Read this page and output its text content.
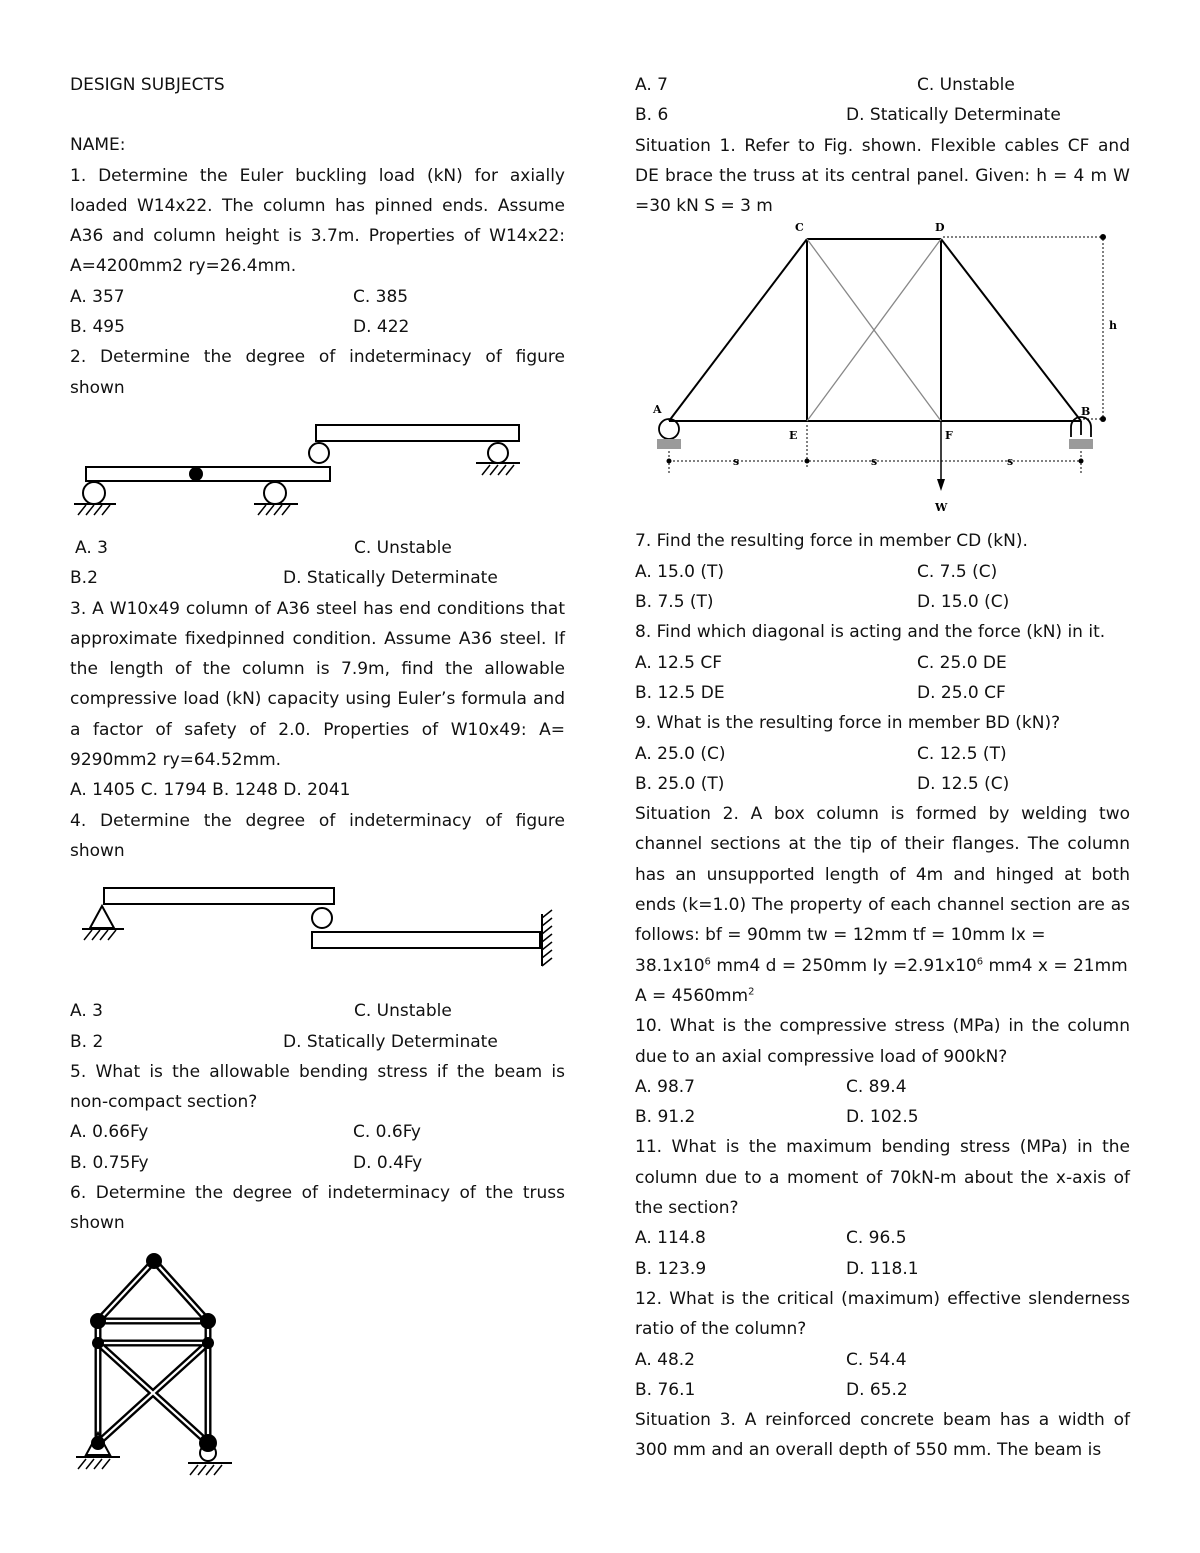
DESIGN SUBJECTS

NAME:

1. Determine the Euler buckling load (kN) for axially loaded W14x22. The column has pinned ends. Assume A36 and column height is 3.7m. Properties of W14x22: A=4200mm2 ry=26.4mm.

A. 357	C. 385
B. 495	D. 422

2. Determine the degree of indeterminacy of figure shown

A. 3	C. Unstable
B.2	D. Statically Determinate

3. A W10x49 column of A36 steel has end conditions that approximate fixedpinned condition. Assume A36 steel. If the length of the column is 7.9m, find the allowable compressive load (kN) capacity using Euler’s formula and a factor of safety of 2.0. Properties of W10x49: A= 9290mm2 ry=64.52mm.

A. 1405 C. 1794 B. 1248 D. 2041

4. Determine the degree of indeterminacy of figure shown

A. 3	C. Unstable
B. 2	D. Statically Determinate

5. What is the allowable bending stress if the beam is non-compact section?

A. 0.66Fy	C. 0.6Fy
B. 0.75Fy	D. 0.4Fy

6. Determine the degree of indeterminacy of the truss shown

A. 7	C. Unstable
B. 6	D. Statically Determinate

Situation 1. Refer to Fig. shown. Flexible cables CF and DE brace the truss at its central panel. Given: h = 4 m W =30 kN S = 3 m

C	D
A	B
E	F
h
s	s	s
W

7. Find the resulting force in member CD (kN).

A. 15.0 (T)	C. 7.5 (C)
B. 7.5 (T)	D. 15.0 (C)

8. Find which diagonal is acting and the force (kN) in it.

A. 12.5 CF	C. 25.0 DE
B. 12.5 DE	D. 25.0 CF

9. What is the resulting force in member BD (kN)?

A. 25.0 (C)	C. 12.5 (T)
B. 25.0 (T)	D. 12.5 (C)

Situation 2. A box column is formed by welding two channel sections at the tip of their flanges. The column has an unsupported length of 4m and hinged at both ends (k=1.0) The property of each channel section are as follows: bf = 90mm tw = 12mm tf = 10mm Ix =

$38.1x10^6$ mm4 d = 250mm $Iy =2.91x10^6$ mm4 x = 21mm

$A = 4560mm^2$

10. What is the compressive stress (MPa) in the column due to an axial compressive load of 900kN?

A. 98.7	C. 89.4
B. 91.2	D. 102.5

11. What is the maximum bending stress (MPa) in the column due to a moment of 70kN-m about the x-axis of the section?

A. 114.8	C. 96.5
B. 123.9	D. 118.1

12. What is the critical (maximum) effective slenderness ratio of the column?

A. 48.2	C. 54.4
B. 76.1	D. 65.2

Situation 3. A reinforced concrete beam has a width of 300 mm and an overall depth of 550 mm. The beam is
